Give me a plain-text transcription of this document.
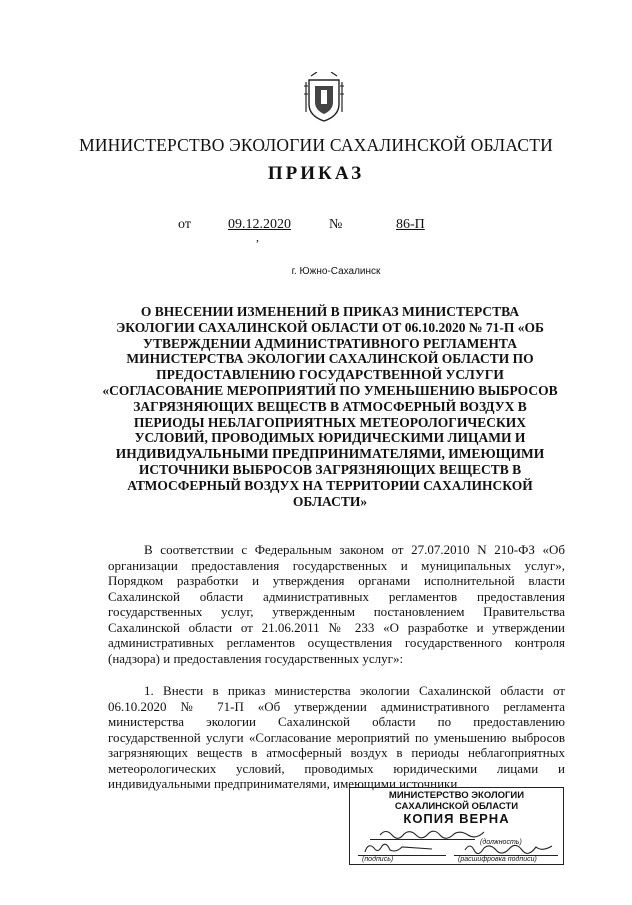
МИНИСТЕРСТВО ЭКОЛОГИИ САХАЛИНСКОЙ ОБЛАСТИ
ПРИКАЗ
от	09.12.2020	№	86-П
,
г. Южно-Сахалинск
О ВНЕСЕНИИ ИЗМЕНЕНИЙ В ПРИКАЗ МИНИСТЕРСТВА ЭКОЛОГИИ САХАЛИНСКОЙ ОБЛАСТИ ОТ 06.10.2020 № 71-П «ОБ УТВЕРЖДЕНИИ АДМИНИСТРАТИВНОГО РЕГЛАМЕНТА МИНИСТЕРСТВА ЭКОЛОГИИ САХАЛИНСКОЙ ОБЛАСТИ ПО ПРЕДОСТАВЛЕНИЮ ГОСУДАРСТВЕННОЙ УСЛУГИ «СОГЛАСОВАНИЕ МЕРОПРИЯТИЙ ПО УМЕНЬШЕНИЮ ВЫБРОСОВ ЗАГРЯЗНЯЮЩИХ ВЕЩЕСТВ В АТМОСФЕРНЫЙ ВОЗДУХ В ПЕРИОДЫ НЕБЛАГОПРИЯТНЫХ МЕТЕОРОЛОГИЧЕСКИХ УСЛОВИЙ, ПРОВОДИМЫХ ЮРИДИЧЕСКИМИ ЛИЦАМИ И ИНДИВИДУАЛЬНЫМИ ПРЕДПРИНИМАТЕЛЯМИ, ИМЕЮЩИМИ ИСТОЧНИКИ ВЫБРОСОВ ЗАГРЯЗНЯЮЩИХ ВЕЩЕСТВ В АТМОСФЕРНЫЙ ВОЗДУХ НА ТЕРРИТОРИИ САХАЛИНСКОЙ ОБЛАСТИ»
В соответствии с Федеральным законом от 27.07.2010 N 210-ФЗ «Об организации предоставления государственных и муниципальных услуг», Порядком разработки и утверждения органами исполнительной власти Сахалинской области административных регламентов предоставления государственных услуг, утвержденным постановлением Правительства Сахалинской области от 21.06.2011 № 233 «О разработке и утверждении административных регламентов осуществления государственного контроля (надзора) и предоставления государственных услуг»:
1. Внести в приказ министерства экологии Сахалинской области от 06.10.2020 № 71-П «Об утверждении административного регламента министерства экологии Сахалинской области по предоставлению государственной услуги «Согласование мероприятий по уменьшению выбросов загрязняющих веществ в атмосферный воздух в периоды неблагоприятных метеорологических условий, проводимых юридическими лицами и индивидуальными предпринимателями, имеющими источники
МИНИСТЕРСТВО ЭКОЛОГИИ
САХАЛИНСКОЙ ОБЛАСТИ
КОПИЯ ВЕРНА
(должность)
(подпись)	(расшифровка подписи)
